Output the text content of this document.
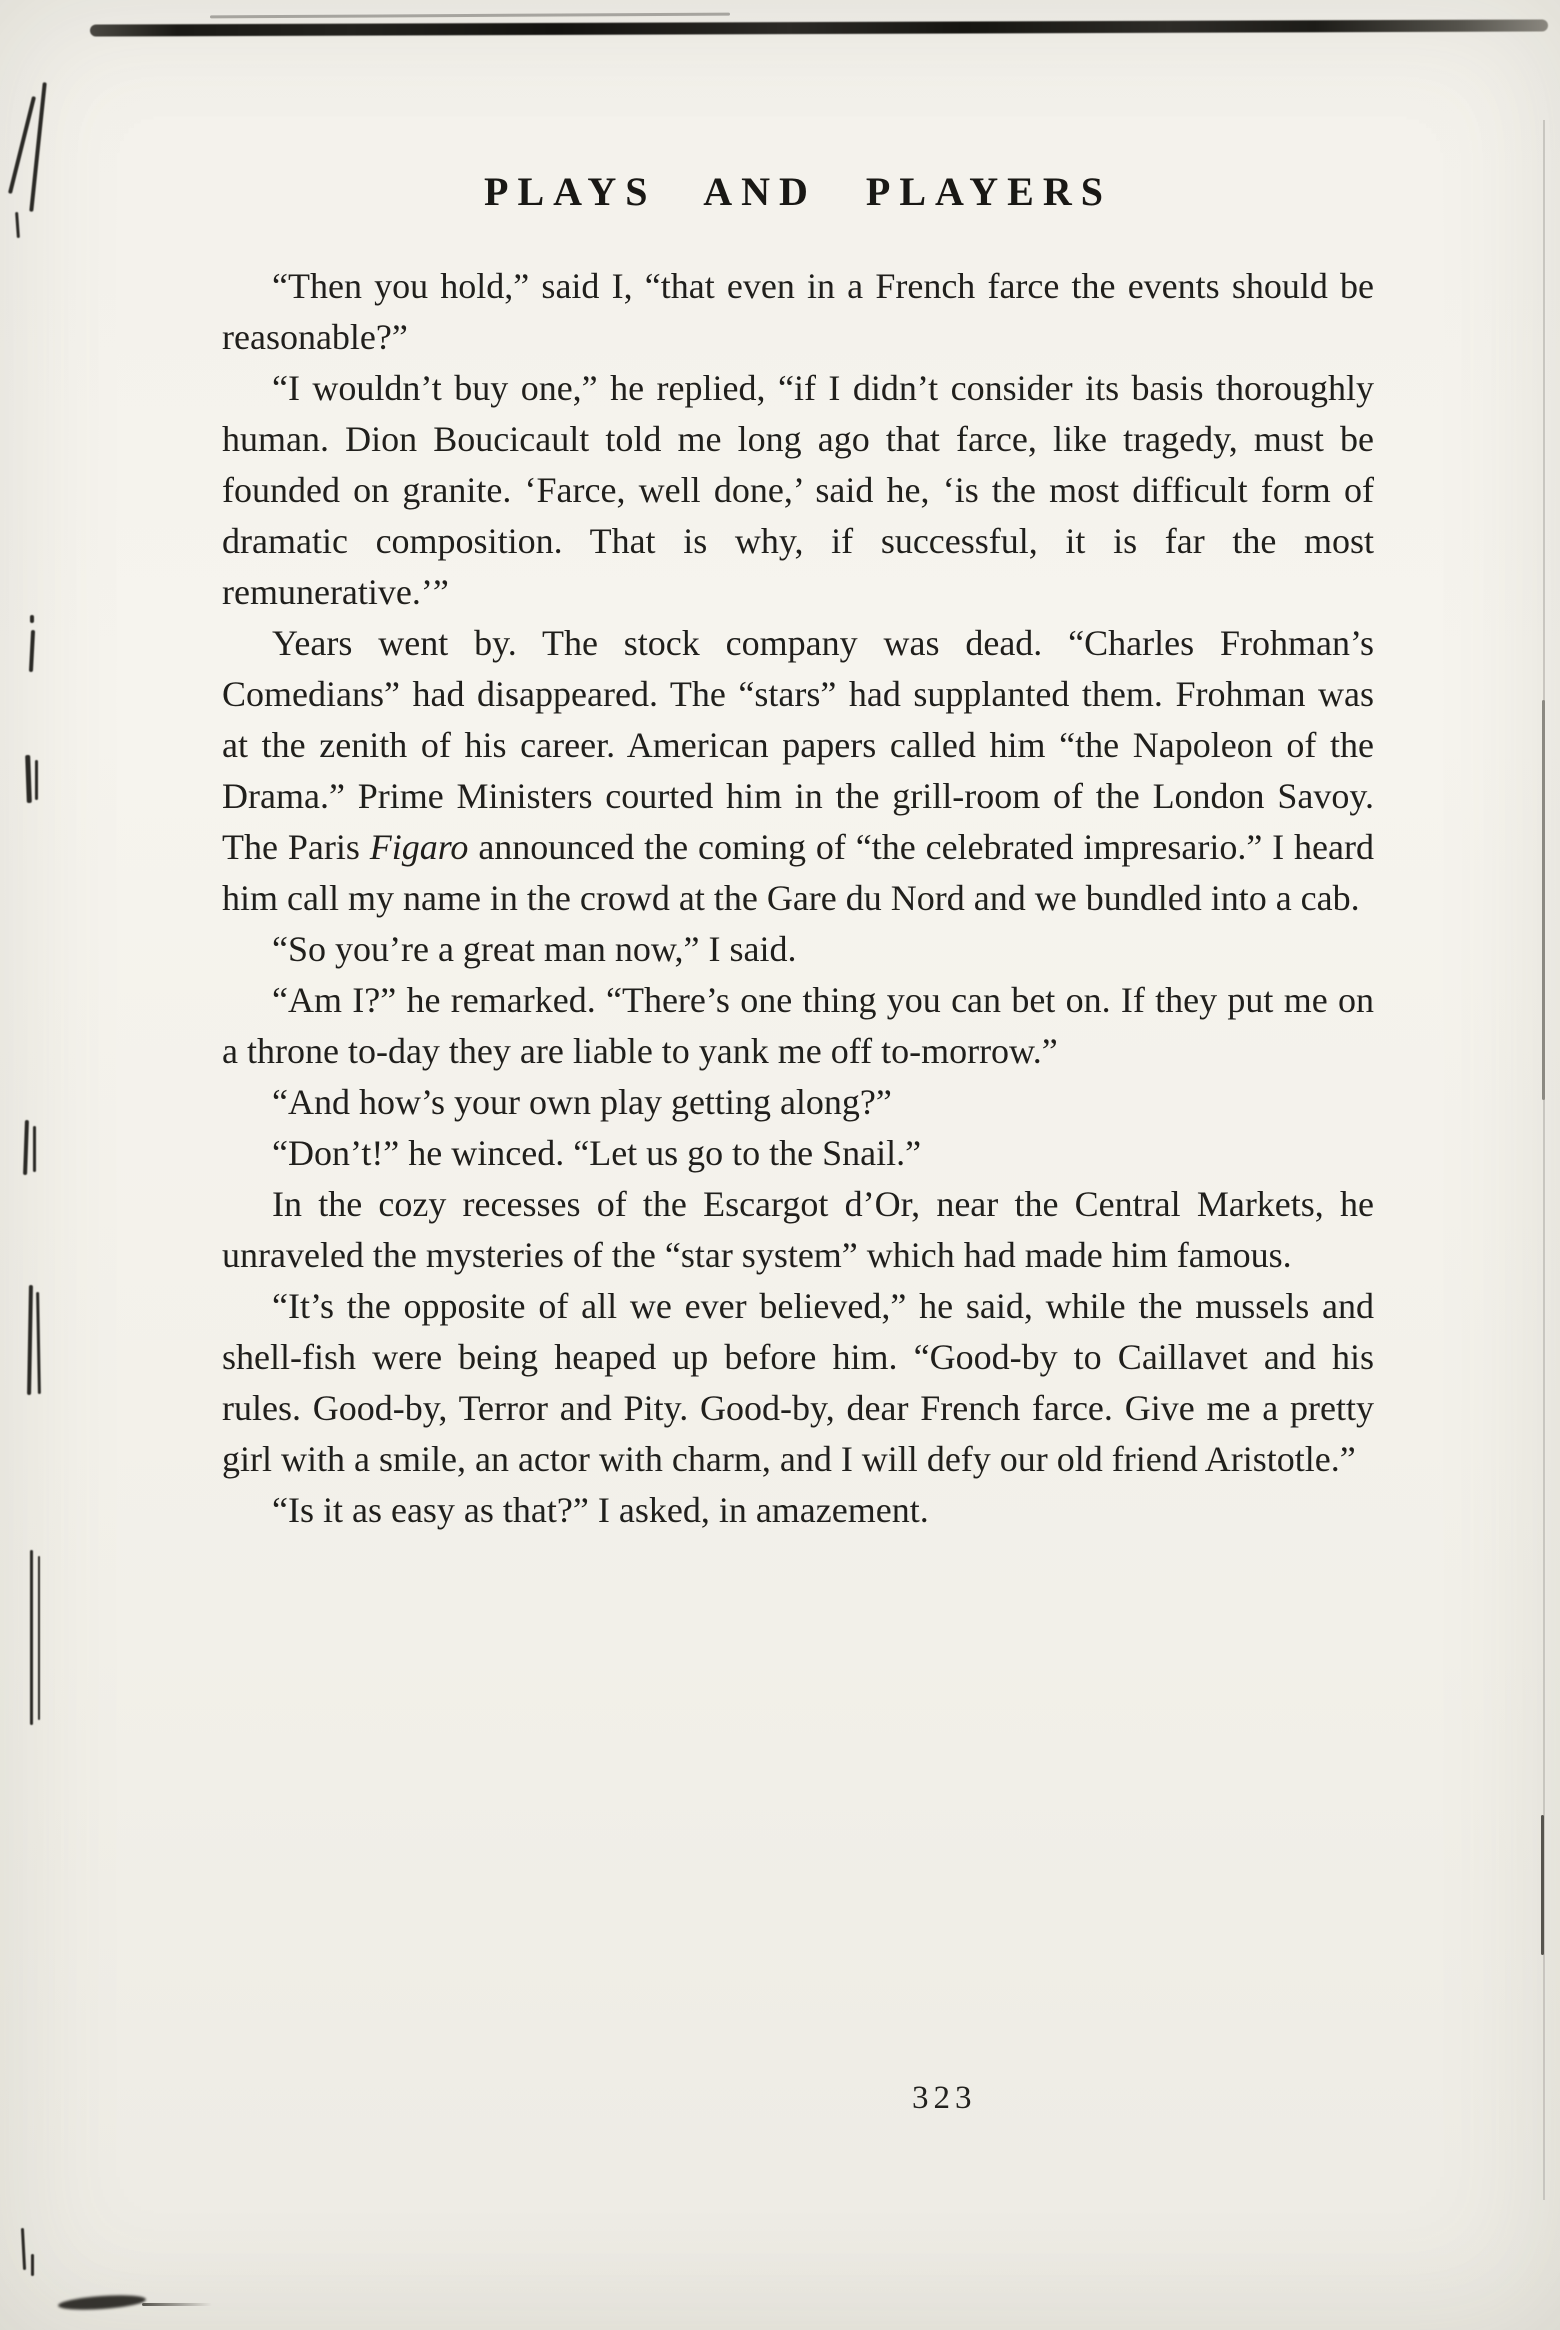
PLAYS AND PLAYERS

“Then you hold,” said I, “that even in a French farce the events should be reasonable?”

“I wouldn’t buy one,” he replied, “if I didn’t consider its basis thoroughly human. Dion Boucicault told me long ago that farce, like tragedy, must be founded on granite. ‘Farce, well done,’ said he, ‘is the most difficult form of dramatic composition. That is why, if successful, it is far the most remunerative.’”

Years went by. The stock company was dead. “Charles Frohman’s Comedians” had disappeared. The “stars” had supplanted them. Frohman was at the zenith of his career. American papers called him “the Napoleon of the Drama.” Prime Ministers courted him in the grill-room of the London Savoy. The Paris Figaro announced the coming of “the celebrated impresario.” I heard him call my name in the crowd at the Gare du Nord and we bundled into a cab.

“So you’re a great man now,” I said.

“Am I?” he remarked. “There’s one thing you can bet on. If they put me on a throne to-day they are liable to yank me off to-morrow.”

“And how’s your own play getting along?”

“Don’t!” he winced. “Let us go to the Snail.”

In the cozy recesses of the Escargot d’Or, near the Central Markets, he unraveled the mysteries of the “star system” which had made him famous.

“It’s the opposite of all we ever believed,” he said, while the mussels and shell-fish were being heaped up before him. “Good-by to Caillavet and his rules. Good-by, Terror and Pity. Good-by, dear French farce. Give me a pretty girl with a smile, an actor with charm, and I will defy our old friend Aristotle.”

“Is it as easy as that?” I asked, in amazement.

323
